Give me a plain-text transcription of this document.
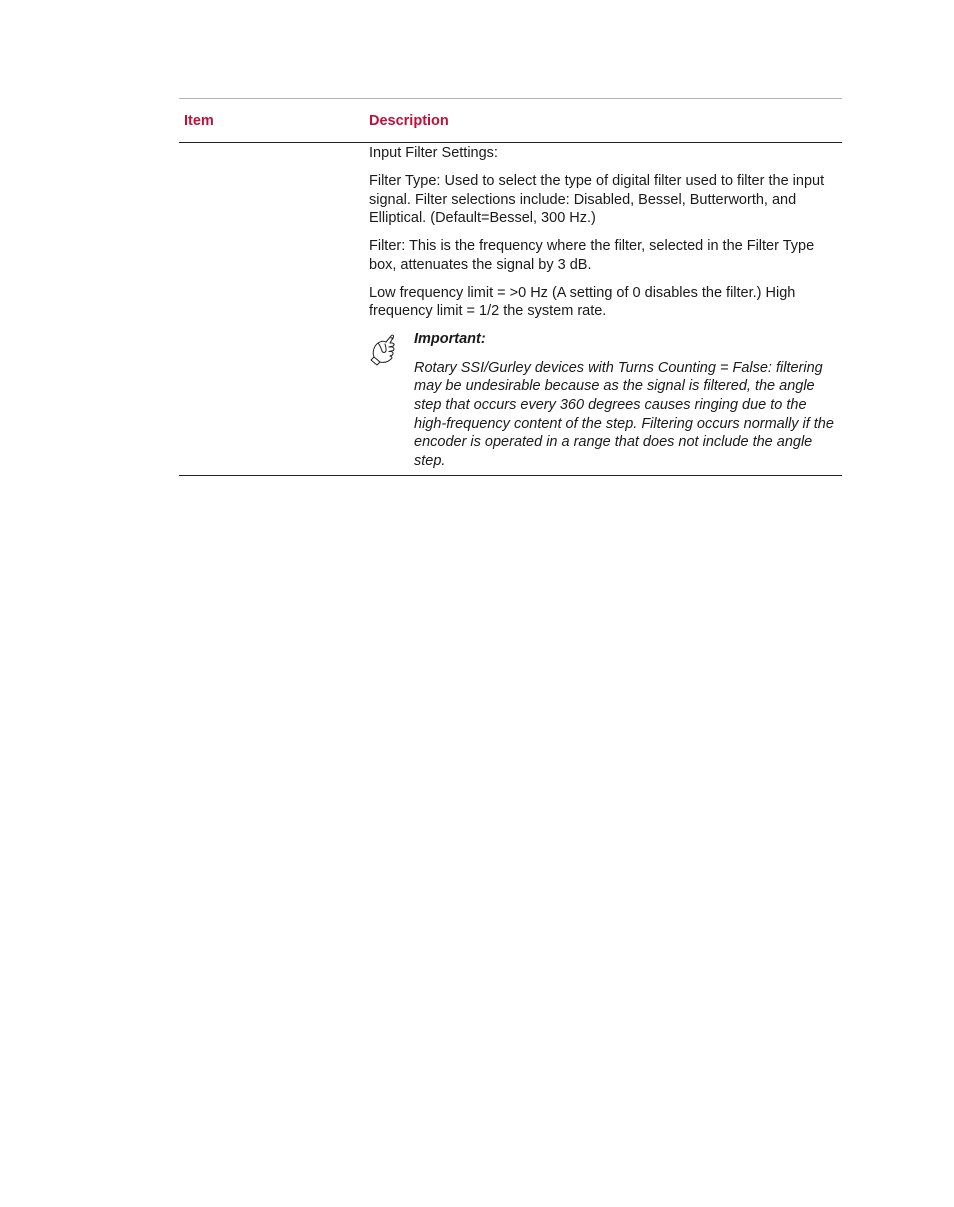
Item	Description

Input Filter Settings:

Filter Type: Used to select the type of digital filter used to filter the input signal. Filter selections include: Disabled, Bessel, Butterworth, and Elliptical. (Default=Bessel, 300 Hz.)

Filter: This is the frequency where the filter, selected in the Filter Type box, attenuates the signal by 3 dB.

Low frequency limit = >0 Hz (A setting of 0 disables the filter.) High frequency limit = 1/2 the system rate.

Important:

Rotary SSI/Gurley devices with Turns Counting = False: filtering may be undesirable because as the signal is filtered, the angle step that occurs every 360 degrees causes ringing due to the high-frequency content of the step. Filtering occurs normally if the encoder is operated in a range that does not include the angle step.
